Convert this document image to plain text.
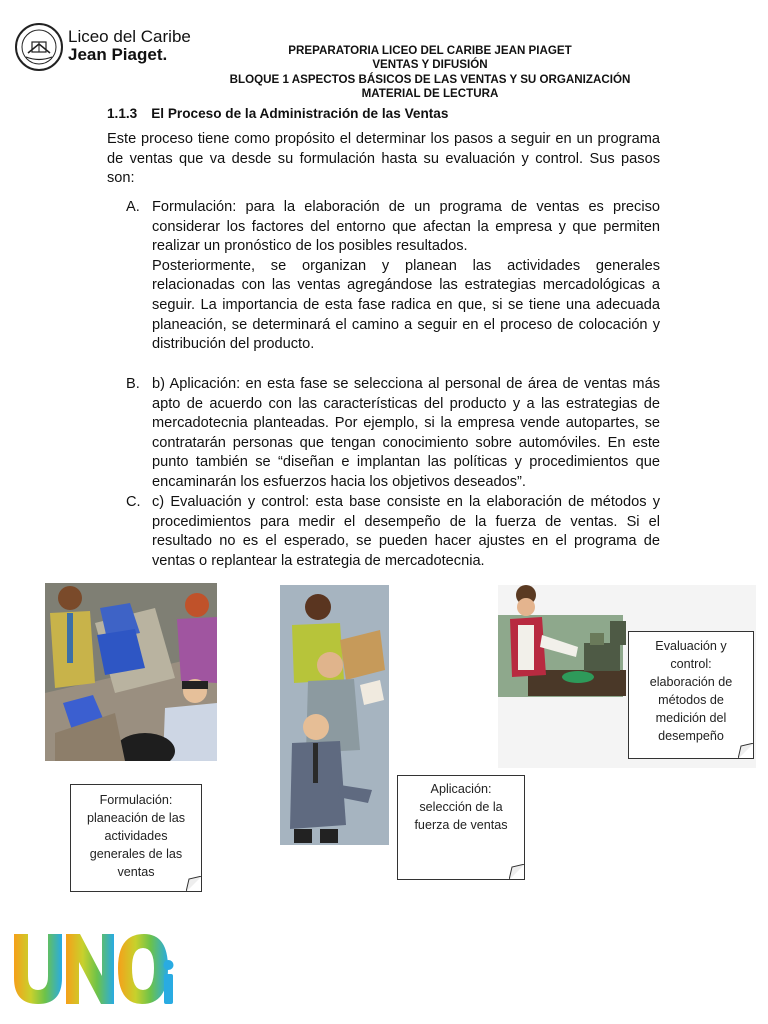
Liceo del Caribe
Jean Piaget.	PREPARATORIA LICEO DEL CARIBE JEAN PIAGET
VENTAS Y DIFUSIÓN
BLOQUE 1 ASPECTOS BÁSICOS DE LAS VENTAS Y SU ORGANIZACIÓN
MATERIAL DE LECTURA
1.1.3 El Proceso de la Administración de las Ventas
Este proceso tiene como propósito el determinar los pasos a seguir en un programa de ventas que va desde su formulación hasta su evaluación y control. Sus pasos son:
A. Formulación: para la elaboración de un programa de ventas es preciso considerar los factores del entorno que afectan la empresa y que permiten realizar un pronóstico de los posibles resultados.

Posteriormente, se organizan y planean las actividades generales relacionadas con las ventas agregándose las estrategias mercadológicas a seguir. La importancia de esta fase radica en que, si se tiene una adecuada planeación, se determinará el camino a seguir en el proceso de colocación y distribución del producto.

B. b) Aplicación: en esta fase se selecciona al personal de área de ventas más apto de acuerdo con las características del producto y a las estrategias de mercadotecnia planteadas. Por ejemplo, si la empresa vende autopartes, se contratarán personas que tengan conocimiento sobre automóviles. En este punto también se “diseñan e implantan las políticas y procedimientos que encaminarán los esfuerzos hacia los objetivos deseados”.

C. c) Evaluación y control: esta base consiste en la elaboración de métodos y procedimientos para medir el desempeño de la fuerza de ventas. Si el resultado no es el esperado, se pueden hacer ajustes en el programa de ventas o replantear la estrategia de mercadotecnia.

Formulación:
planeación de las
actividades
generales de las
ventas
Aplicación:
selección de la
fuerza de ventas
Evaluación y
control:
elaboración de
métodos de
medición del
desempeño
